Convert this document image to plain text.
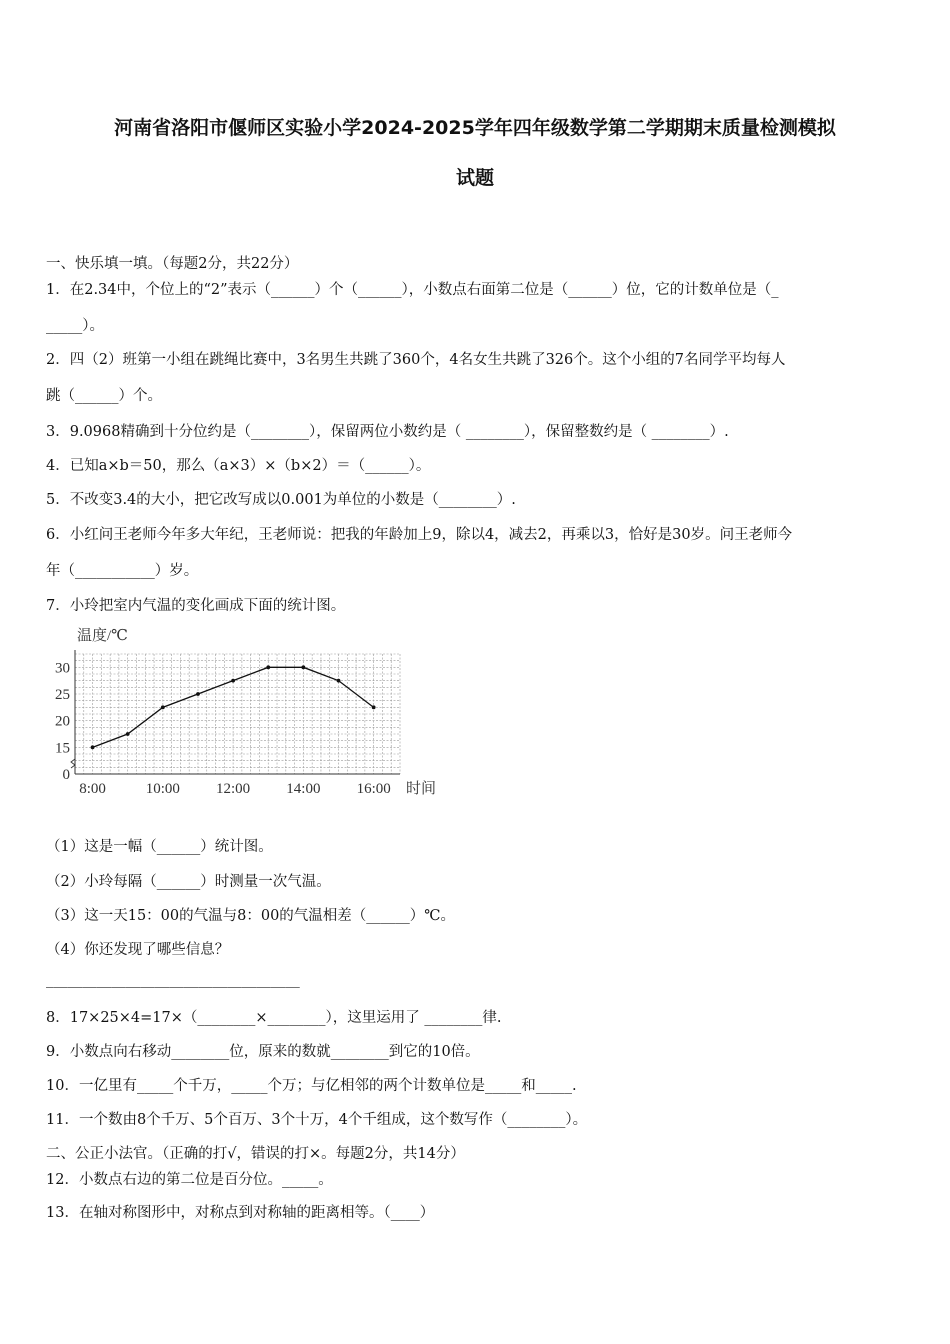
河南省洛阳市偃师区实验小学2024-2025学年四年级数学第二学期期末质量检测模拟
试题
一、快乐填一填。（每题2分，共22分）
1．在2.34中，个位上的“2”表示（______）个（______），小数点右面第二位是（______）位，它的计数单位是（_
_____）。
2．四（2）班第一小组在跳绳比赛中，3名男生共跳了360个，4名女生共跳了326个。这个小组的7名同学平均每人
跳（______）个。
3．9.0968精确到十分位约是（________），保留两位小数约是（ ________），保留整数约是（ ________）.
4．已知a×b＝50，那么（a×3）×（b×2）＝（______）。
5．不改变3.4的大小，把它改写成以0.001为单位的小数是（________）.
6．小红问王老师今年多大年纪，王老师说：把我的年龄加上9，除以4，减去2，再乘以3，恰好是30岁。问王老师今
年（___________）岁。
7．小玲把室内气温的变化画成下面的统计图。
温度/℃
时间
0
15
20
25
30
8:00	10:00 12:00 14:00 16:00
（1）这是一幅（______）统计图。
（2）小玲每隔（______）时测量一次气温。
（3）这一天15：00的气温与8：00的气温相差（______）℃。
（4）你还发现了哪些信息？
___________________________________
8．17×25×4=17×（________×________），这里运用了 ________律.
9．小数点向右移动________位，原来的数就________到它的10倍。
10．一亿里有_____个千万，_____个万；与亿相邻的两个计数单位是_____和_____.
11．一个数由8个千万、5个百万、3个十万，4个千组成，这个数写作（________）。
二、公正小法官。（正确的打√，错误的打×。每题2分，共14分）
12．小数点右边的第二位是百分位。_____。
13．在轴对称图形中，对称点到对称轴的距离相等。（____）
